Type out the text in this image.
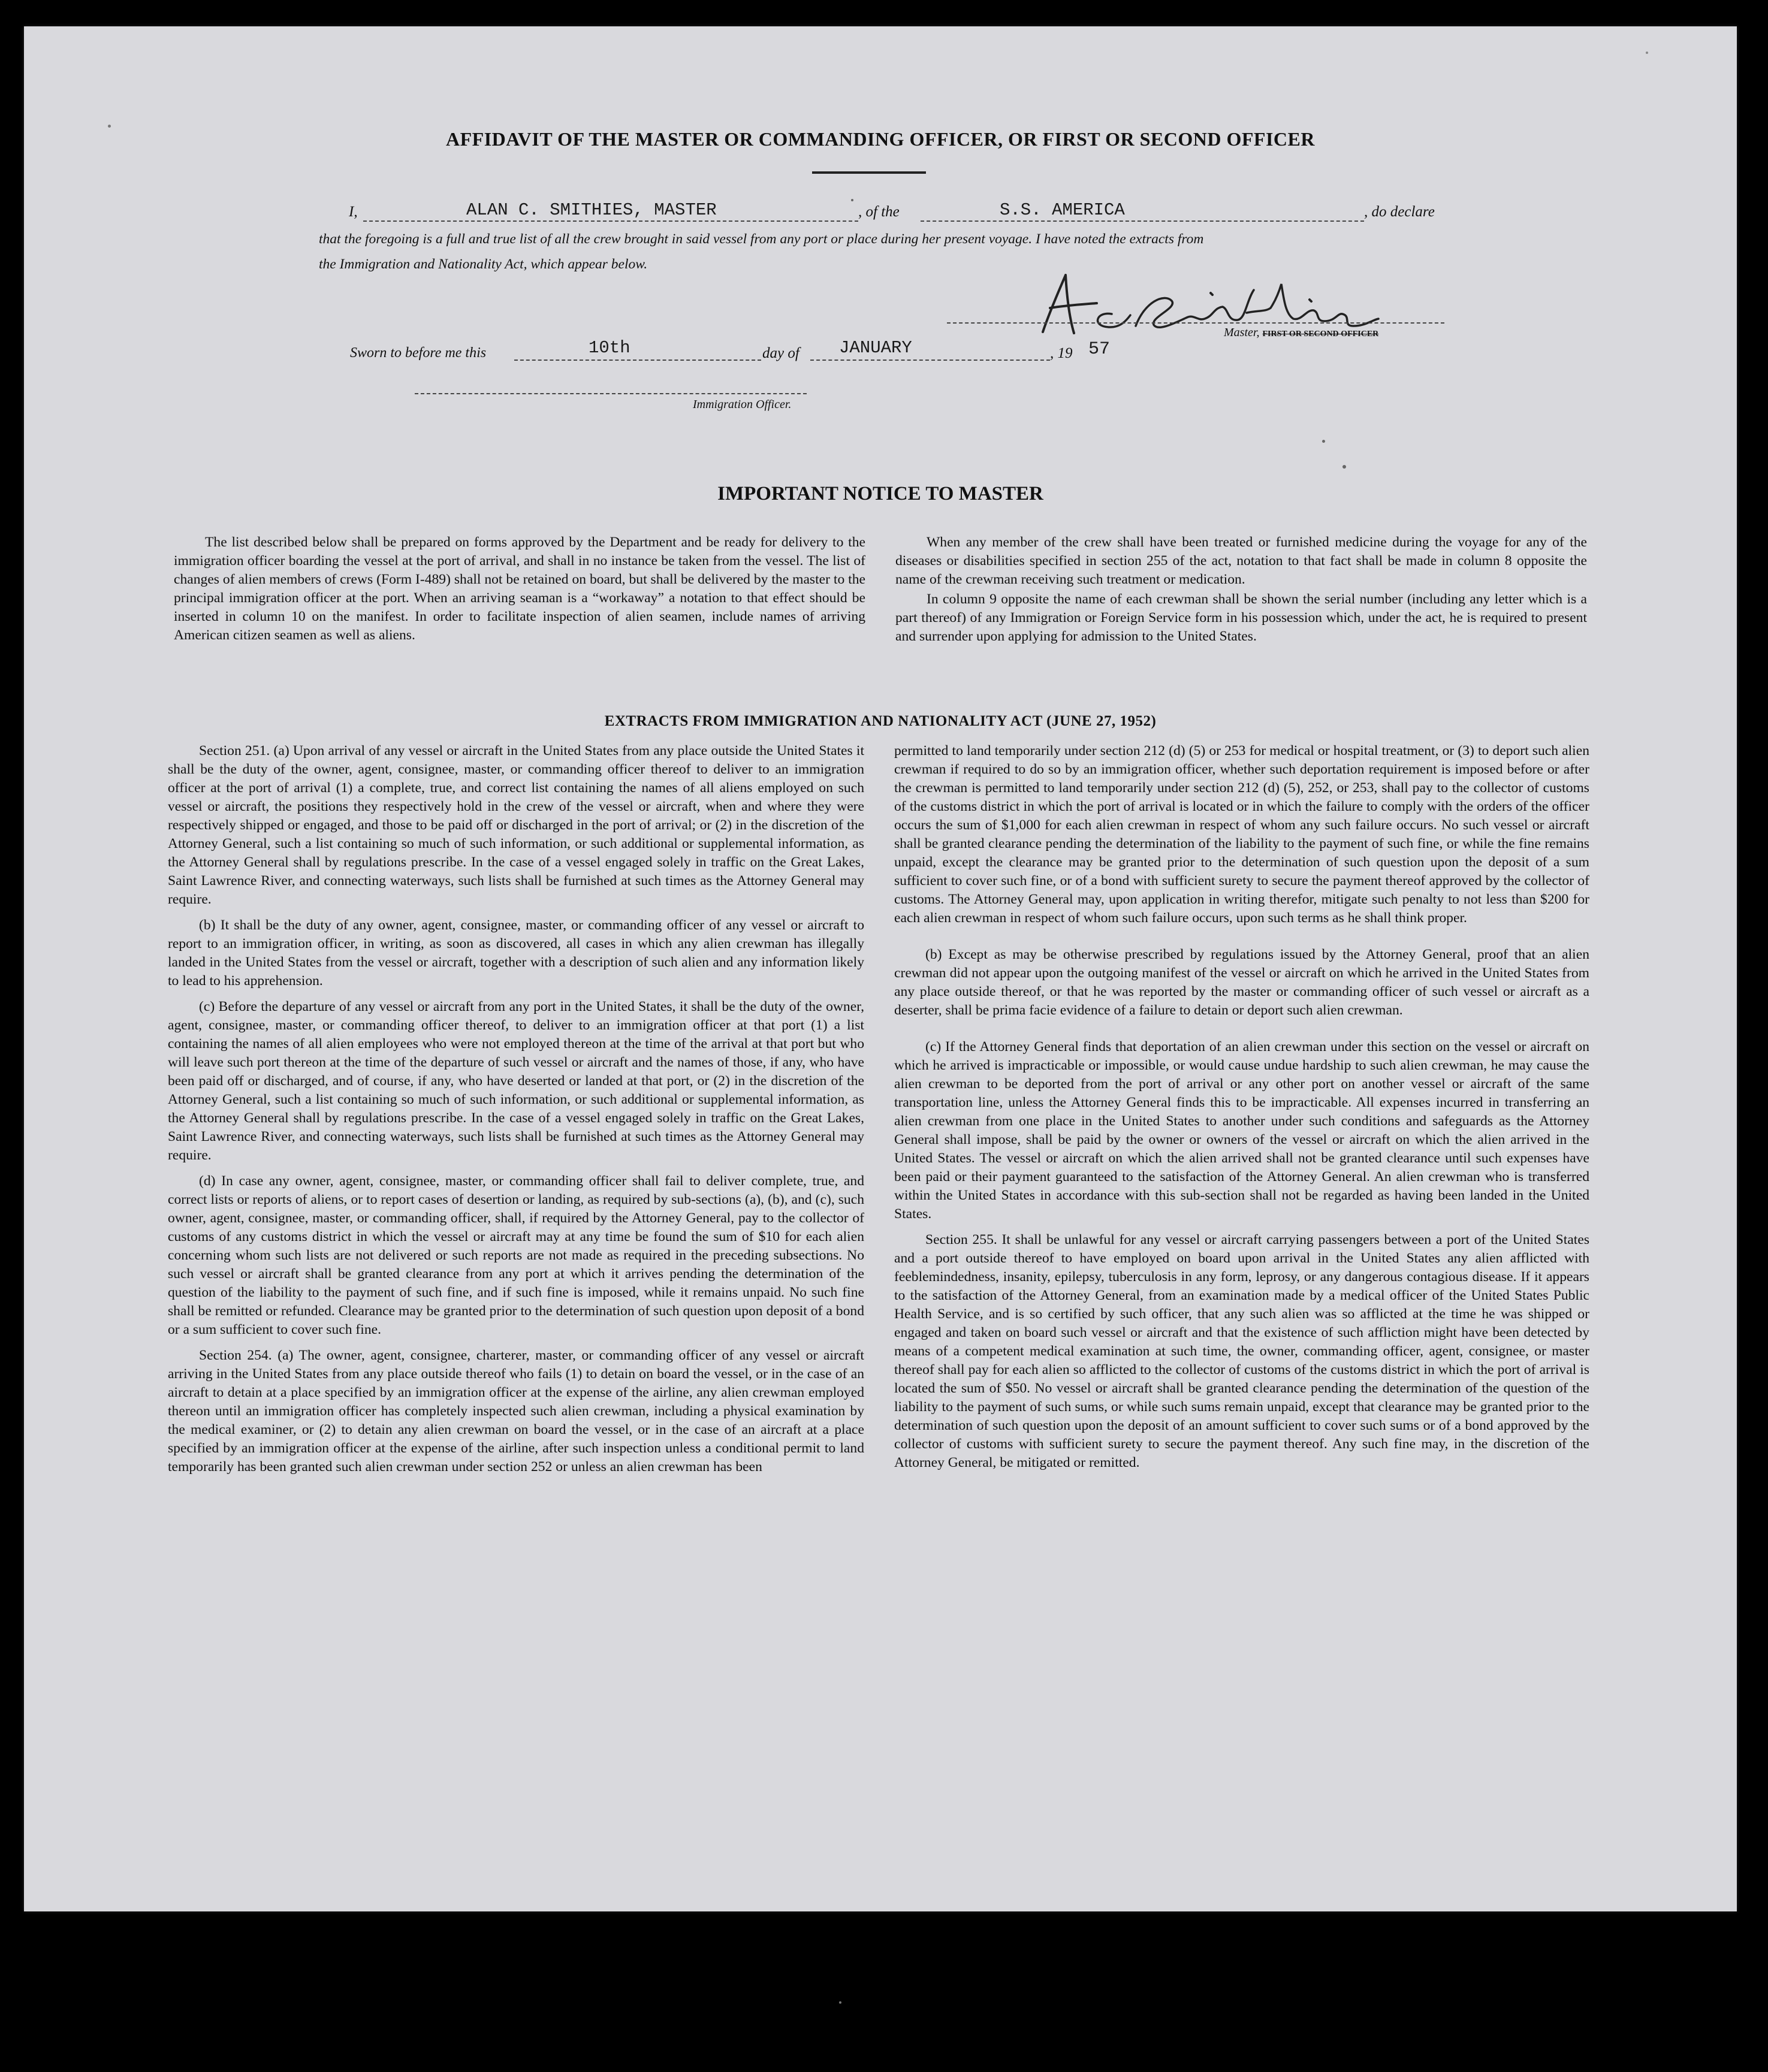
AFFIDAVIT OF THE MASTER OR COMMANDING OFFICER, OR FIRST OR SECOND OFFICER
I,	ALAN C. SMITHIES, MASTER	, of the	S.S. AMERICA	, do declare
that the foregoing is a full and true list of all the crew brought in said vessel from any port or place during her present voyage. I have noted the extracts from
the Immigration and Nationality Act, which appear below.
Master, FIRST OR SECOND OFFICER
Sworn to before me this	10th	day of JANUARY	, 19 57
Immigration Officer.
IMPORTANT NOTICE TO MASTER

The list described below shall be prepared on forms approved by the Department and be ready for delivery to the immigration officer boarding the vessel at the port of arrival, and shall in no instance be taken from the vessel. The list of changes of alien members of crews (Form I-489) shall not be retained on board, but shall be delivered by the master to the principal immigration officer at the port. When an arriving seaman is a “workaway” a notation to that effect should be inserted in column 10 on the manifest. In order to facilitate inspection of alien seamen, include names of arriving American citizen seamen as well as aliens.

When any member of the crew shall have been treated or furnished medicine during the voyage for any of the diseases or disabilities specified in section 255 of the act, notation to that fact shall be made in column 8 opposite the name of the crewman receiving such treatment or medication.

In column 9 opposite the name of each crewman shall be shown the serial number (including any letter which is a part thereof) of any Immigration or Foreign Service form in his possession which, under the act, he is required to present and surrender upon applying for admission to the United States.

EXTRACTS FROM IMMIGRATION AND NATIONALITY ACT (JUNE 27, 1952)

Section 251. (a) Upon arrival of any vessel or aircraft in the United States from any place outside the United States it shall be the duty of the owner, agent, consignee, master, or commanding officer thereof to deliver to an immigration officer at the port of arrival (1) a complete, true, and correct list containing the names of all aliens employed on such vessel or aircraft, the positions they respectively hold in the crew of the vessel or aircraft, when and where they were respectively shipped or engaged, and those to be paid off or discharged in the port of arrival; or (2) in the discretion of the Attorney General, such a list containing so much of such information, or such additional or supplemental information, as the Attorney General shall by regulations prescribe. In the case of a vessel engaged solely in traffic on the Great Lakes, Saint Lawrence River, and connecting waterways, such lists shall be furnished at such times as the Attorney General may require.

(b) It shall be the duty of any owner, agent, consignee, master, or commanding officer of any vessel or aircraft to report to an immigration officer, in writing, as soon as discovered, all cases in which any alien crewman has illegally landed in the United States from the vessel or aircraft, together with a description of such alien and any information likely to lead to his apprehension.

(c) Before the departure of any vessel or aircraft from any port in the United States, it shall be the duty of the owner, agent, consignee, master, or commanding officer thereof, to deliver to an immigration officer at that port (1) a list containing the names of all alien employees who were not employed thereon at the time of the arrival at that port but who will leave such port thereon at the time of the departure of such vessel or aircraft and the names of those, if any, who have been paid off or discharged, and of course, if any, who have deserted or landed at that port, or (2) in the discretion of the Attorney General, such a list containing so much of such information, or such additional or supplemental information, as the Attorney General shall by regulations prescribe. In the case of a vessel engaged solely in traffic on the Great Lakes, Saint Lawrence River, and connecting waterways, such lists shall be furnished at such times as the Attorney General may require.

(d) In case any owner, agent, consignee, master, or commanding officer shall fail to deliver complete, true, and correct lists or reports of aliens, or to report cases of desertion or landing, as required by sub-sections (a), (b), and (c), such owner, agent, consignee, master, or commanding officer, shall, if required by the Attorney General, pay to the collector of customs of any customs district in which the vessel or aircraft may at any time be found the sum of $10 for each alien concerning whom such lists are not delivered or such reports are not made as required in the preceding subsections. No such vessel or aircraft shall be granted clearance from any port at which it arrives pending the determination of the question of the liability to the payment of such fine, and if such fine is imposed, while it remains unpaid. No such fine shall be remitted or refunded. Clearance may be granted prior to the determination of such question upon deposit of a bond or a sum sufficient to cover such fine.

Section 254. (a) The owner, agent, consignee, charterer, master, or commanding officer of any vessel or aircraft arriving in the United States from any place outside thereof who fails (1) to detain on board the vessel, or in the case of an aircraft to detain at a place specified by an immigration officer at the expense of the airline, any alien crewman employed thereon until an immigration officer has completely inspected such alien crewman, including a physical examination by the medical examiner, or (2) to detain any alien crewman on board the vessel, or in the case of an aircraft at a place specified by an immigration officer at the expense of the airline, after such inspection unless a conditional permit to land temporarily has been granted such alien crewman under section 252 or unless an alien crewman has been

permitted to land temporarily under section 212 (d) (5) or 253 for medical or hospital treatment, or (3) to deport such alien crewman if required to do so by an immigration officer, whether such deportation requirement is imposed before or after the crewman is permitted to land temporarily under section 212 (d) (5), 252, or 253, shall pay to the collector of customs of the customs district in which the port of arrival is located or in which the failure to comply with the orders of the officer occurs the sum of $1,000 for each alien crewman in respect of whom any such failure occurs. No such vessel or aircraft shall be granted clearance pending the determination of the liability to the payment of such fine, or while the fine remains unpaid, except the clearance may be granted prior to the determination of such question upon the deposit of a sum sufficient to cover such fine, or of a bond with sufficient surety to secure the payment thereof approved by the collector of customs. The Attorney General may, upon application in writing therefor, mitigate such penalty to not less than $200 for each alien crewman in respect of whom such failure occurs, upon such terms as he shall think proper.

(b) Except as may be otherwise prescribed by regulations issued by the Attorney General, proof that an alien crewman did not appear upon the outgoing manifest of the vessel or aircraft on which he arrived in the United States from any place outside thereof, or that he was reported by the master or commanding officer of such vessel or aircraft as a deserter, shall be prima facie evidence of a failure to detain or deport such alien crewman.

(c) If the Attorney General finds that deportation of an alien crewman under this section on the vessel or aircraft on which he arrived is impracticable or impossible, or would cause undue hardship to such alien crewman, he may cause the alien crewman to be deported from the port of arrival or any other port on another vessel or aircraft of the same transportation line, unless the Attorney General finds this to be impracticable. All expenses incurred in transferring an alien crewman from one place in the United States to another under such conditions and safeguards as the Attorney General shall impose, shall be paid by the owner or owners of the vessel or aircraft on which the alien arrived in the United States. The vessel or aircraft on which the alien arrived shall not be granted clearance until such expenses have been paid or their payment guaranteed to the satisfaction of the Attorney General. An alien crewman who is transferred within the United States in accordance with this sub-section shall not be regarded as having been landed in the United States.

Section 255. It shall be unlawful for any vessel or aircraft carrying passengers between a port of the United States and a port outside thereof to have employed on board upon arrival in the United States any alien afflicted with feeblemindedness, insanity, epilepsy, tuberculosis in any form, leprosy, or any dangerous contagious disease. If it appears to the satisfaction of the Attorney General, from an examination made by a medical officer of the United States Public Health Service, and is so certified by such officer, that any such alien was so afflicted at the time he was shipped or engaged and taken on board such vessel or aircraft and that the existence of such affliction might have been detected by means of a competent medical examination at such time, the owner, commanding officer, agent, consignee, or master thereof shall pay for each alien so afflicted to the collector of customs of the customs district in which the port of arrival is located the sum of $50. No vessel or aircraft shall be granted clearance pending the determination of the question of the liability to the payment of such sums, or while such sums remain unpaid, except that clearance may be granted prior to the determination of such question upon the deposit of an amount sufficient to cover such sums or of a bond approved by the collector of customs with sufficient surety to secure the payment thereof. Any such fine may, in the discretion of the Attorney General, be mitigated or remitted.
